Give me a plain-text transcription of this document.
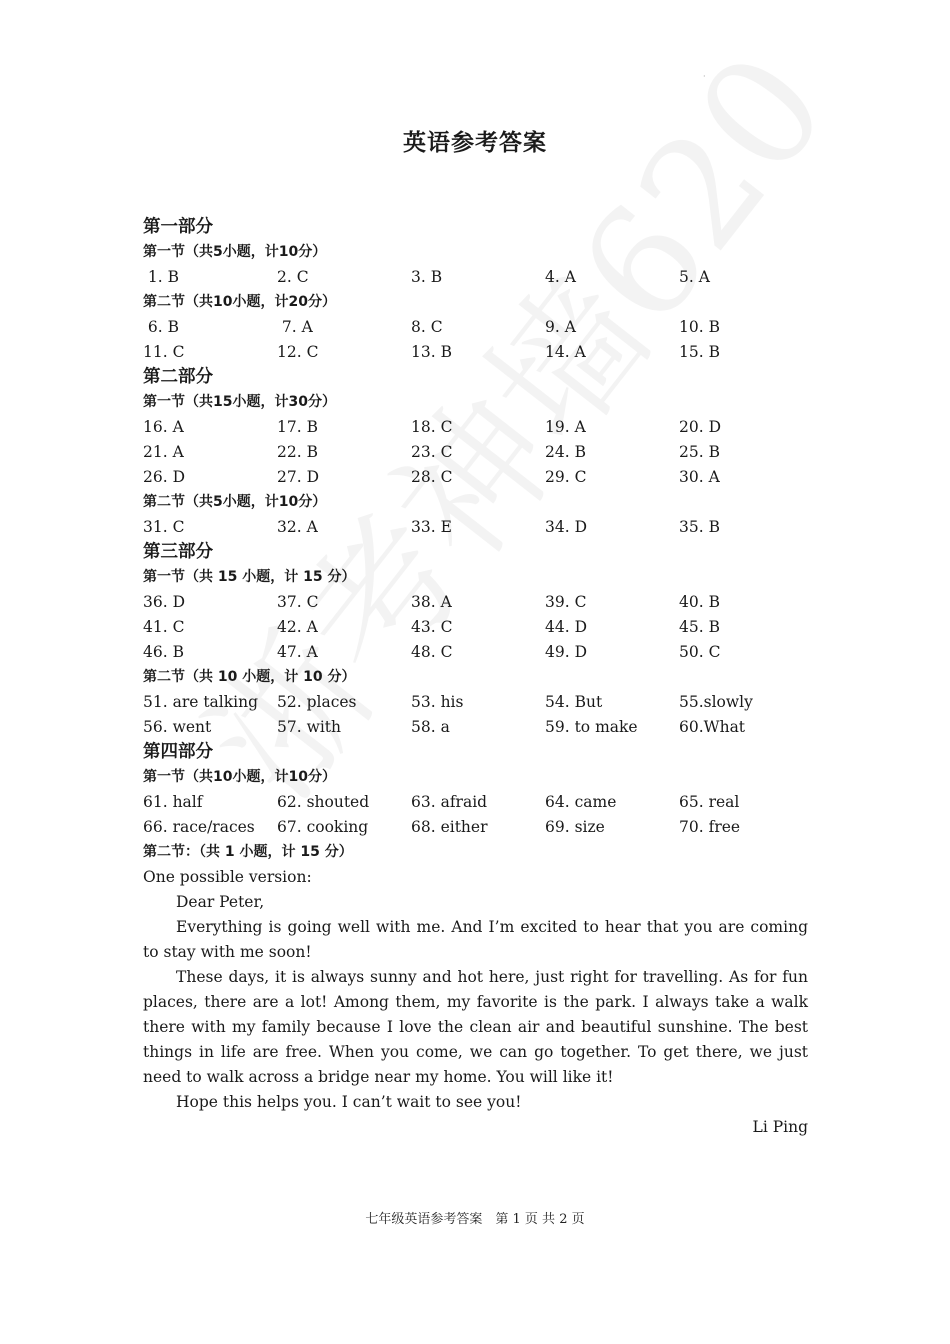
·
英语参考答案
第一部分
第一节（共5小题，计10分）
1. B	2. C	3. B	4. A	5. A
第二节（共10小题，计20分）
6. B	7. A	8. C	9. A	10. B
11. C	12. C	13. B	14. A	15. B
第二部分
第一节（共15小题，计30分）
16. A	17. B	18. C	19. A	20. D
21. A	22. B	23. C	24. B	25. B
26. D	27. D	28. C	29. C	30. A
第二节（共5小题，计10分）
31. C	32. A	33. E	34. D	35. B
第三部分
第一节（共 15 小题，计 15 分）
36. D	37. C	38. A	39. C	40. B
41. C	42. A	43. C	44. D	45. B
46. B	47. A	48. C	49. D	50. C
第二节（共 10 小题，计 10 分）
51. are talking	52. places	53. his	54. But	55.slowly
56. went	57. with	58. a	59. to make	60.What
第四部分
第一节（共10小题，计10分）
61. half	62. shouted	63. afraid	64. came	65. real
66. race/races	67. cooking	68. either	69. size	70. free
第二节：（共 1 小题，计 15 分）
One possible version:
Dear Peter,
Everything is going well with me. And I’m excited to hear that you are coming to stay with me soon!
These days, it is always sunny and hot here, just right for travelling. As for fun places, there are a lot! Among them, my favorite is the park. I always take a walk there with my family because I love the clean air and beautiful sunshine. The best things in life are free. When you come, we can go together. To get there, we just need to walk across a bridge near my home. You will like it!
Hope this helps you. I can’t wait to see you!
Li Ping
七年级英语参考答案　第 1 页 共 2 页
